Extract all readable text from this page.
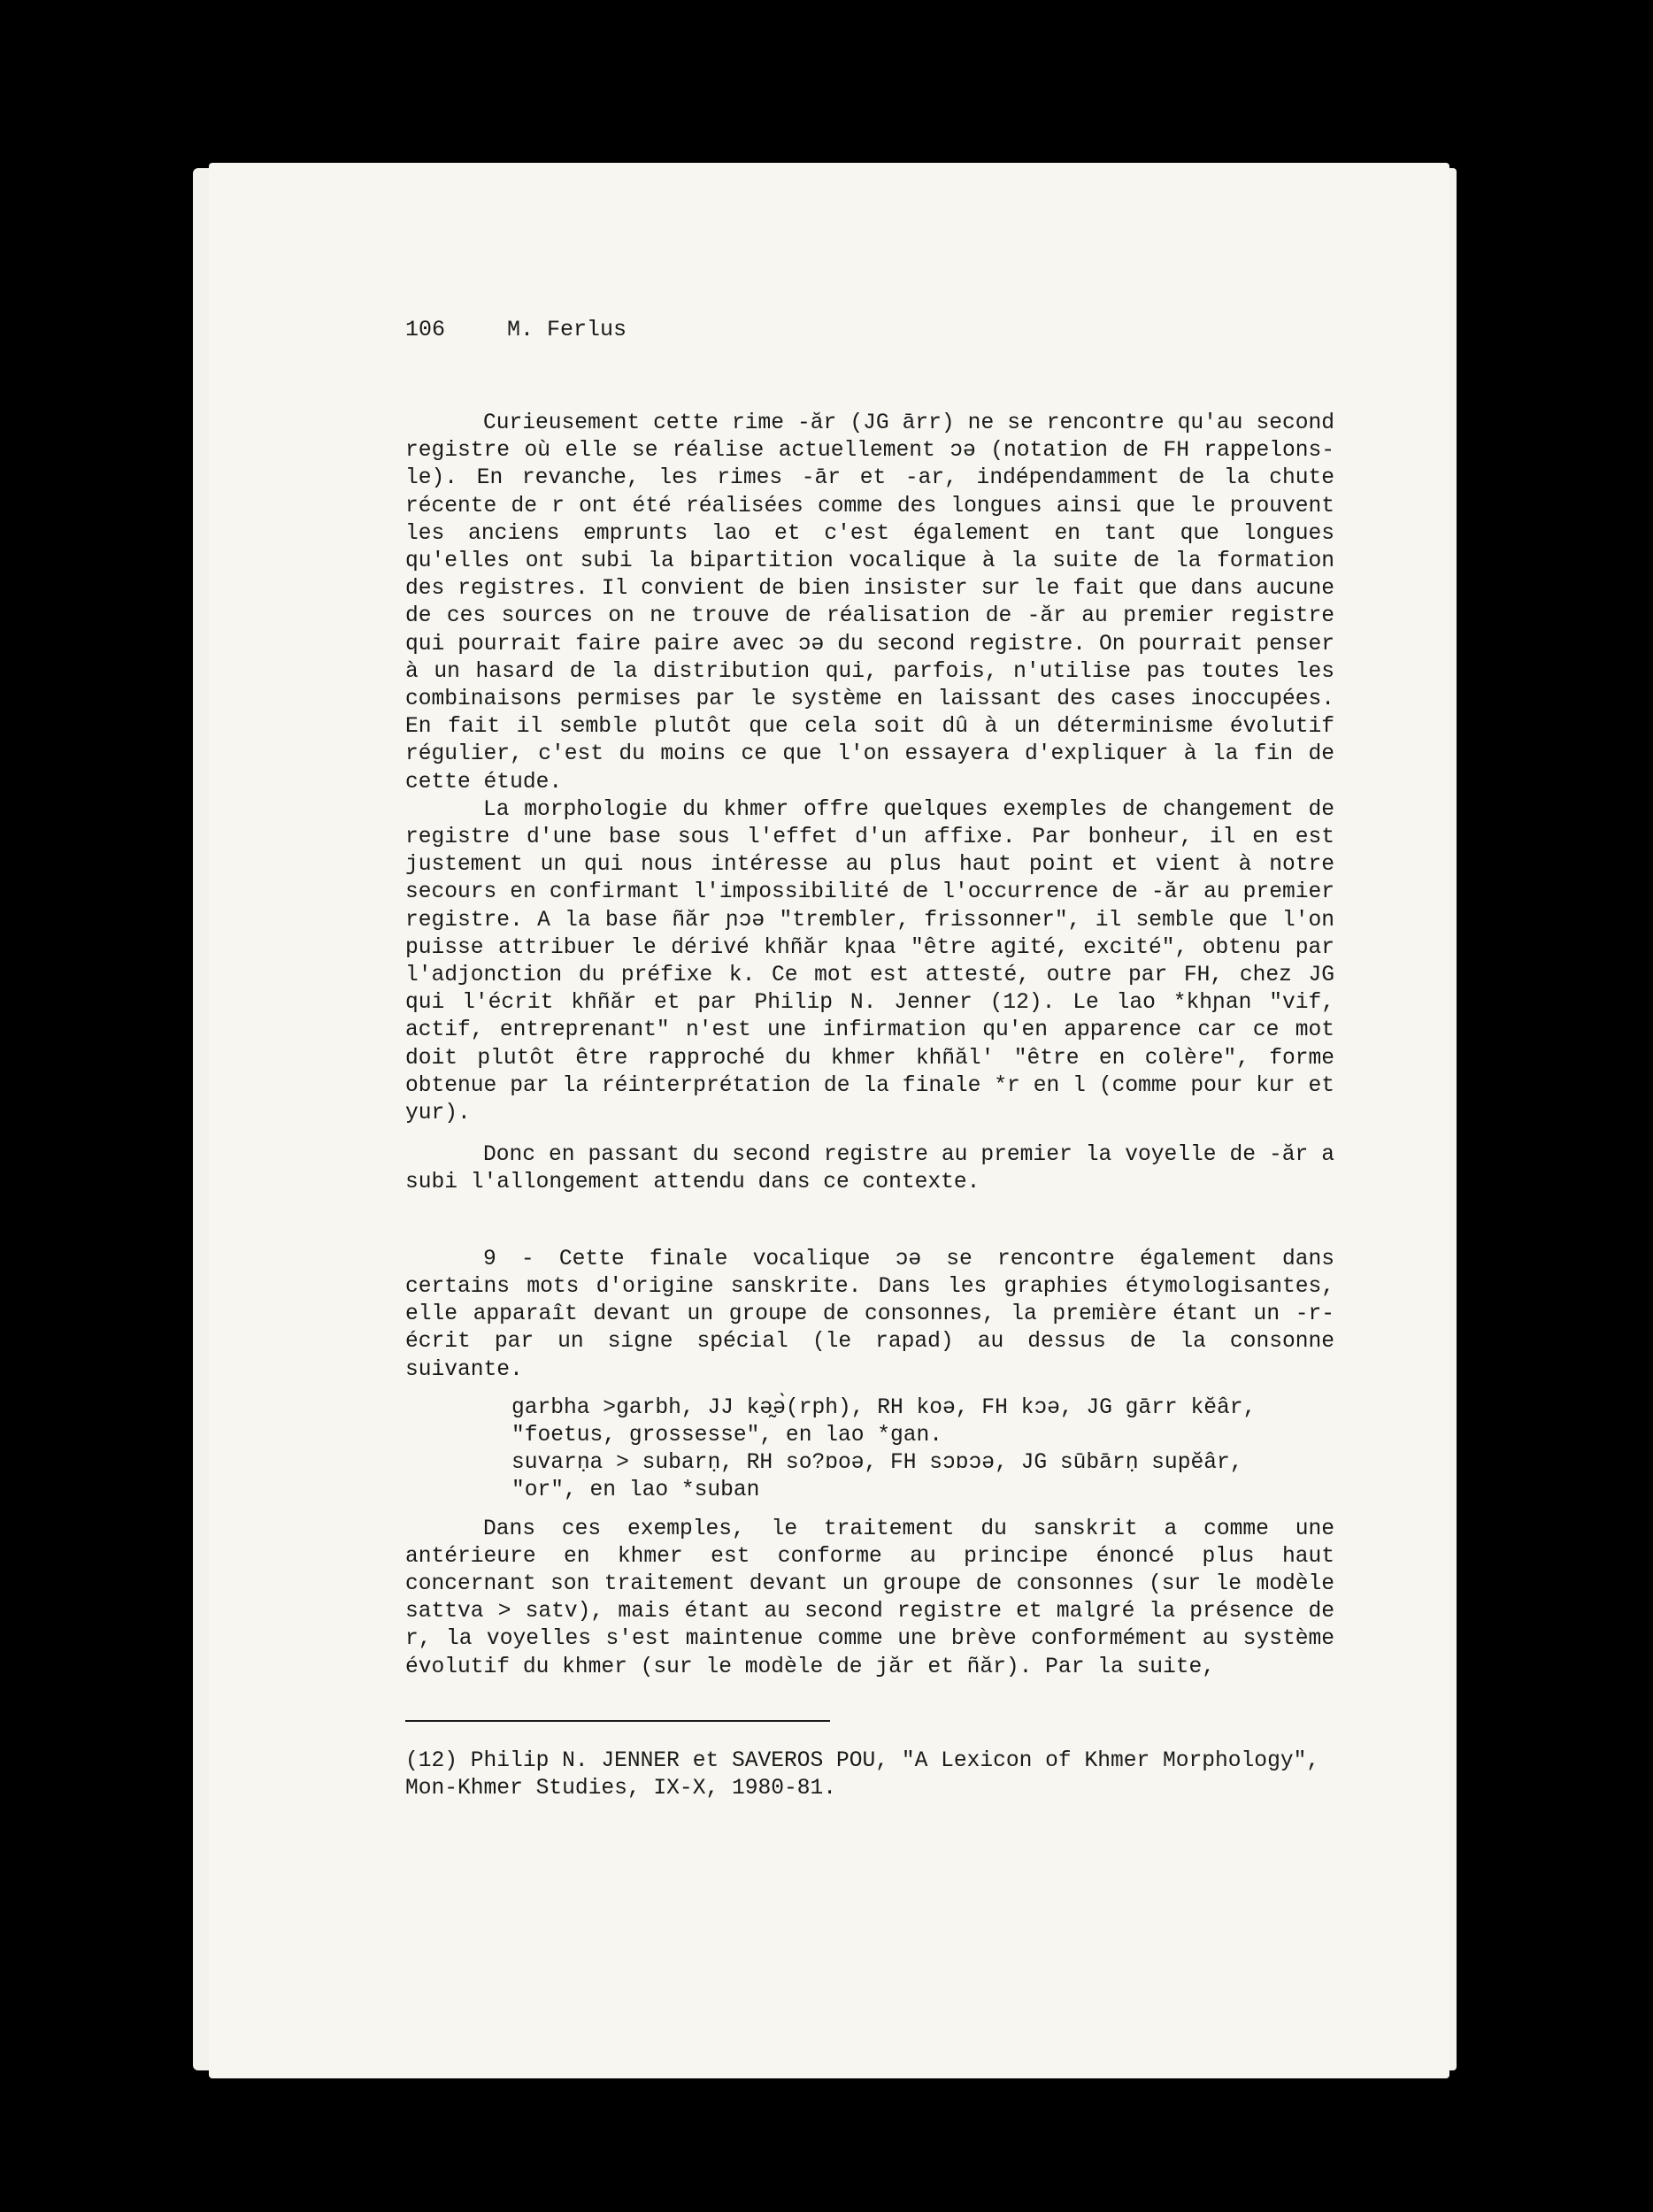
106	M. Ferlus

Curieusement cette rime -ăr (JG ārr) ne se rencontre qu'au second registre où elle se réalise actuellement ɔə (notation de FH rappelons-le). En revanche, les rimes -ār et -ar, indépendamment de la chute récente de r ont été réalisées comme des longues ainsi que le prouvent les anciens emprunts lao et c'est également en tant que longues qu'elles ont subi la bipartition vocalique à la suite de la formation des registres. Il convient de bien insister sur le fait que dans aucune de ces sources on ne trouve de réalisation de -ăr au premier registre qui pourrait faire paire avec ɔə du second registre. On pourrait penser à un hasard de la distribution qui, parfois, n'utilise pas toutes les combinaisons permises par le système en laissant des cases inoccupées. En fait il semble plutôt que cela soit dû à un déterminisme évolutif régulier, c'est du moins ce que l'on essayera d'expliquer à la fin de cette étude.

La morphologie du khmer offre quelques exemples de changement de registre d'une base sous l'effet d'un affixe. Par bonheur, il en est justement un qui nous intéresse au plus haut point et vient à notre secours en confirmant l'impossibilité de l'occurrence de -ăr au premier registre. A la base ñăr ɲɔə "trembler, frissonner", il semble que l'on puisse attribuer le dérivé khñăr kɲaa "être agité, excité", obtenu par l'adjonction du préfixe k. Ce mot est attesté, outre par FH, chez JG qui l'écrit khñăr et par Philip N. Jenner (12). Le lao *khɲan "vif, actif, entreprenant" n'est une infirmation qu'en apparence car ce mot doit plutôt être rapproché du khmer khñăl' "être en colère", forme obtenue par la réinterprétation de la finale *r en l (comme pour kur et yur).

Donc en passant du second registre au premier la voyelle de -ăr a subi l'allongement attendu dans ce contexte.

9 - Cette finale vocalique ɔə se rencontre également dans certains mots d'origine sanskrite. Dans les graphies étymologisantes, elle apparaît devant un groupe de consonnes, la première étant un -r- écrit par un signe spécial (le rapad) au dessus de la consonne suivante.

garbha >garbh, JJ kə̰ə̀(rph), RH koə, FH kɔə, JG gārr kĕâr,
"foetus, grossesse", en lao *gan.
suvarṇa > subarṇ, RH so?ɒoə, FH sɔɒɔə, JG sūbārṇ supĕâr,
"or", en lao *suban

Dans ces exemples, le traitement du sanskrit a comme une antérieure en khmer est conforme au principe énoncé plus haut concernant son traitement devant un groupe de consonnes (sur le modèle sattva > satv), mais étant au second registre et malgré la présence de r, la voyelles s'est maintenue comme une brève conformément au système évolutif du khmer (sur le modèle de jăr et ñăr). Par la suite,

(12) Philip N. JENNER et SAVEROS POU, "A Lexicon of Khmer Morphology",
Mon-Khmer Studies, IX-X, 1980-81.
